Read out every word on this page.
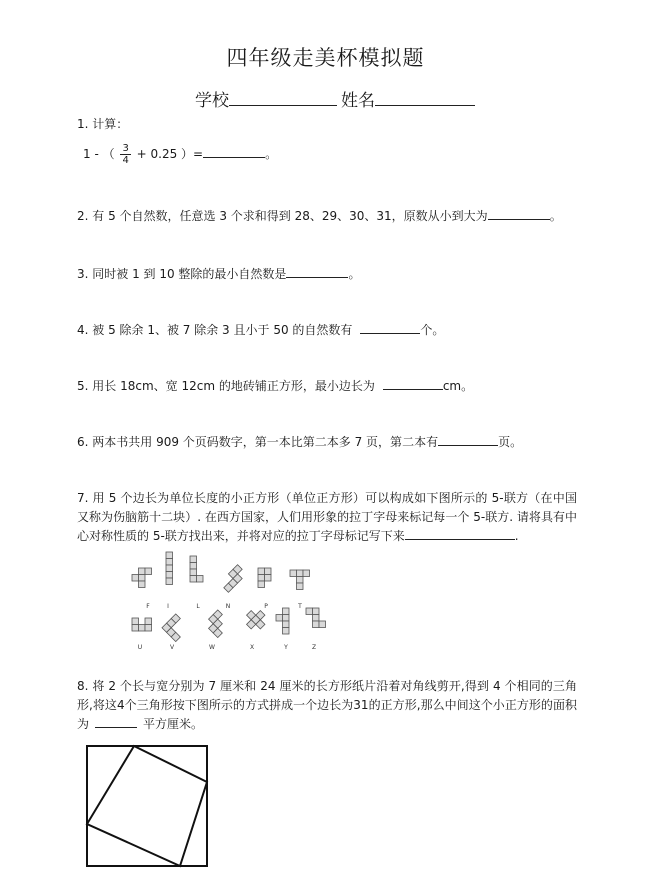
四年级走美杯模拟题
学校	姓名
1. 计算：
1 - （ $\frac{3}{4} + 0.25$ ）=	。
2. 有 5 个自然数，任意选 3 个求和得到 28、29、30、31，原数从小到大为	。
3. 同时被 1 到 10 整除的最小自然数是	。
4. 被 5 除余 1、被 7 除余 3 且小于 50 的自然数有	个。
5. 用长 18cm、宽 12cm 的地砖铺正方形，最小边长为	cm。
6. 两本书共用 909 个页码数字，第一本比第二本多 7 页，第二本有	页。
7. 用 5 个边长为单位长度的小正方形（单位正方形）可以构成如下图所示的 5-联方（在中国又称为伤脑筋十二块）. 在西方国家，人们用形象的拉丁字母来标记每一个 5-联方. 请将具有中心对称性质的 5-联方找出来，并将对应的拉丁字母标记写下来	.
F	I	L	N	P	T
U	V	W	X	Y	Z
8. 将 2 个长与宽分别为 7 厘米和 24 厘米的长方形纸片沿着对角线剪开,得到 4 个相同的三角形,将这4个三角形按下图所示的方式拼成一个边长为31的正方形,那么中间这个小正方形的面积为	平方厘米。
